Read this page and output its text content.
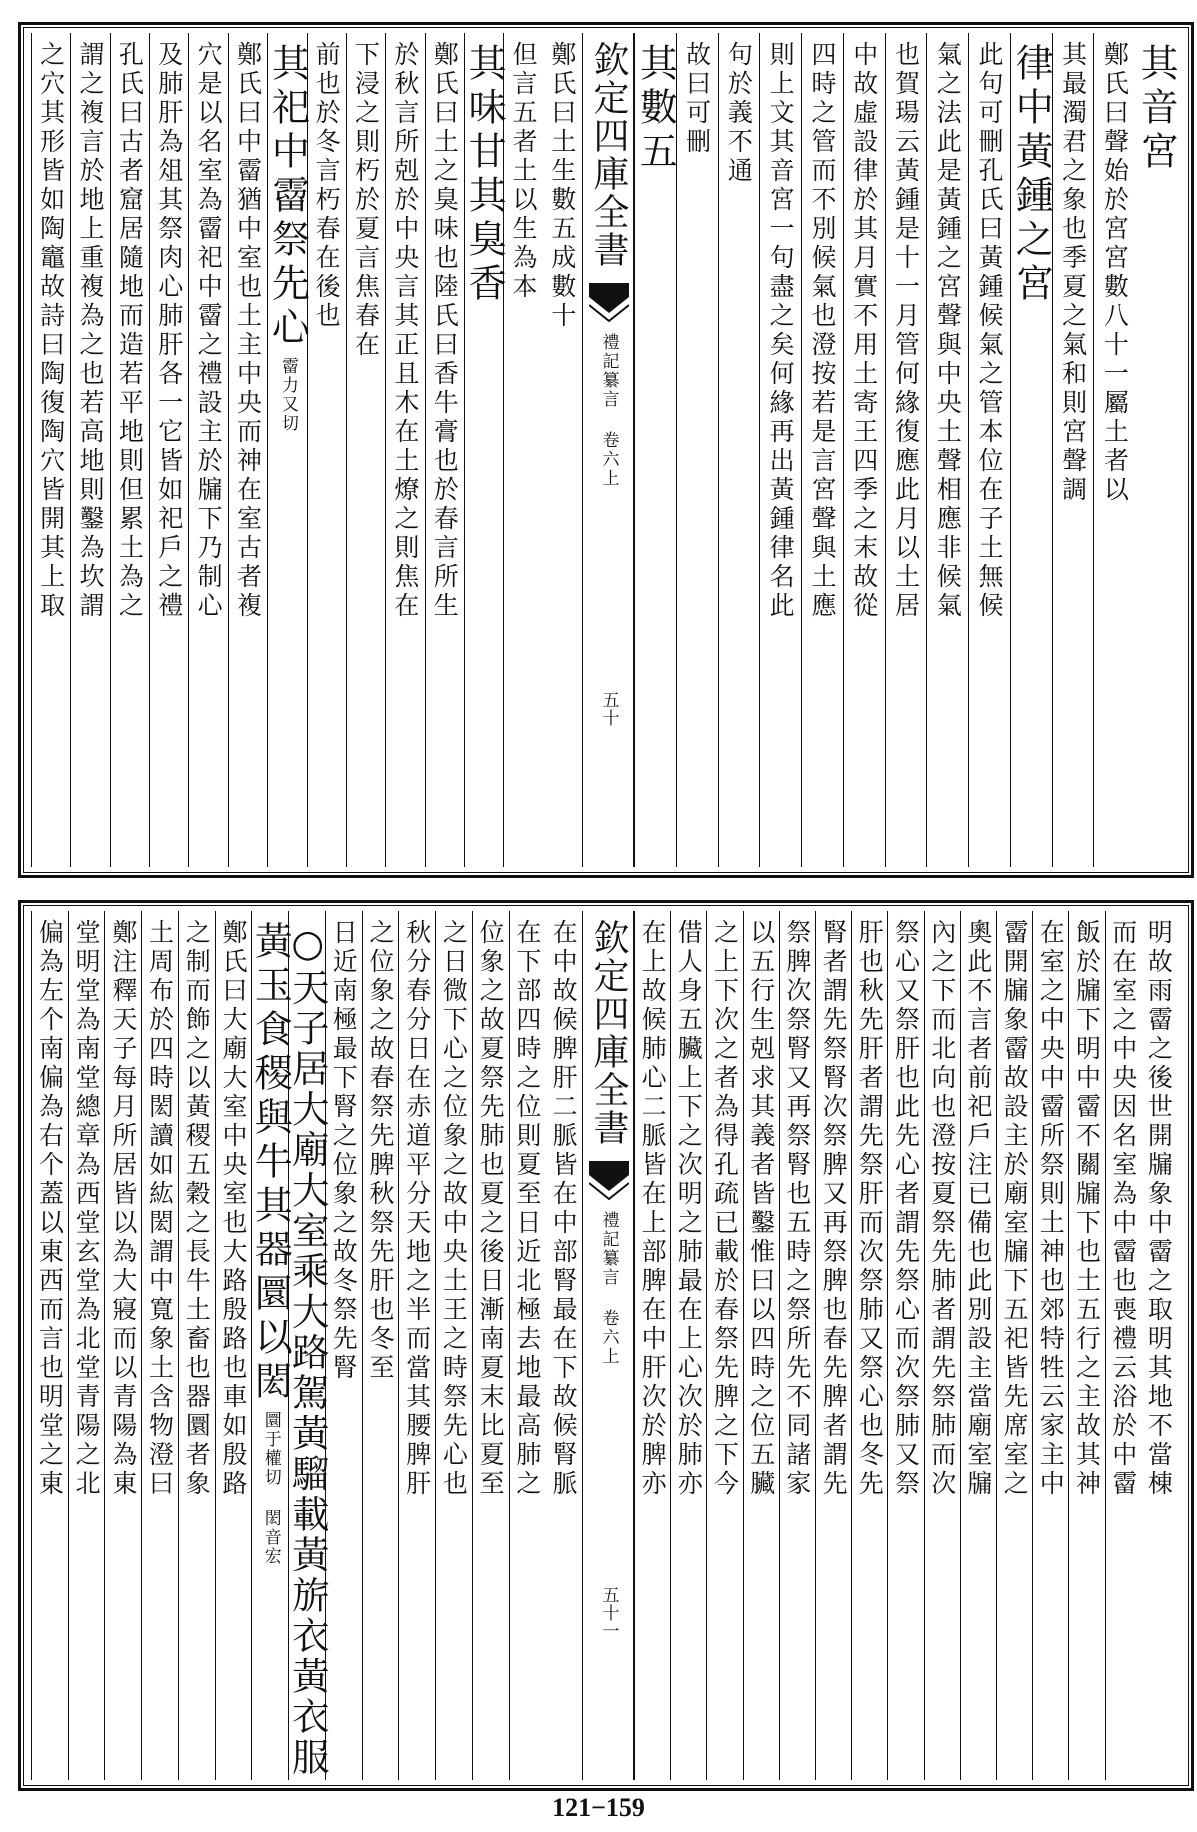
其音宮
鄭氏曰聲始於宮宮數八十一屬土者以
其最濁君之象也季夏之氣和則宮聲調
律中黃鍾之宮
此句可刪孔氏曰黃鍾候氣之管本位在子土無候
氣之法此是黃鍾之宮聲與中央土聲相應非候氣
也賀瑒云黃鍾是十一月管何緣復應此月以土居
中故虛設律於其月實不用土寄王四季之末故從
四時之管而不別候氣也澄按若是言宮聲與土應
則上文其音宮一句盡之矣何緣再出黃鍾律名此
句於義不通
故曰可刪
其數五
欽定四庫全書
禮記纂言 卷六上
五十
鄭氏曰土生數五成數十
但言五者土以生為本
其味甘其臭香
鄭氏曰土之臭味也陸氏曰香牛膏也於春言所生
於秋言所剋於中央言其正且木在土燎之則焦在
下浸之則朽於夏言焦春在
前也於冬言朽春在後也
其祀中霤祭先心
霤力又切
鄭氏曰中霤猶中室也土主中央而神在室古者複
穴是以名室為霤祀中霤之禮設主於牖下乃制心
及肺肝為俎其祭肉心肺肝各一它皆如祀戶之禮
孔氏曰古者窟居隨地而造若平地則但累土為之
謂之複言於地上重複為之也若高地則鑿為坎謂
之穴其形皆如陶竈故詩曰陶復陶穴皆開其上取
明故雨霤之後世開牖象中霤之取明其地不當棟
而在室之中央因名室為中霤也喪禮云浴於中霤
飯於牖下明中霤不關牖下也土五行之主故其神
在室之中央中霤所祭則土神也郊特牲云家主中
霤開牖象霤故設主於廟室牖下五祀皆先席室之
奧此不言者前祀戶注已備也此別設主當廟室牖
內之下而北向也澄按夏祭先肺者謂先祭肺而次
祭心又祭肝也此先心者謂先祭心而次祭肺又祭
肝也秋先肝者謂先祭肝而次祭肺又祭心也冬先
腎者謂先祭腎次祭脾又再祭脾也春先脾者謂先
祭脾次祭腎又再祭腎也五時之祭所先不同諸家
以五行生剋求其義者皆鑿惟曰以四時之位五臟
之上下次之者為得孔疏已載於春祭先脾之下今
借人身五臟上下之次明之肺最在上心次於肺亦
在上故候肺心二脈皆在上部脾在中肝次於脾亦
欽定四庫全書
禮記纂言 卷六上
五十一
在中故候脾肝二脈皆在中部腎最在下故候腎脈
在下部四時之位則夏至日近北極去地最高肺之
位象之故夏祭先肺也夏之後日漸南夏末比夏至
之日微下心之位象之故中央土王之時祭先心也
秋分春分日在赤道平分天地之半而當其腰脾肝
之位象之故春祭先脾秋祭先肝也冬至
日近南極最下腎之位象之故冬祭先腎
○天子居大廟大室乘大路駕黃騮載黃旂衣黃衣服
黃玉食稷與牛其器圜以閎
圜于權切 閎音宏
鄭氏曰大廟大室中央室也大路殷路也車如殷路
之制而飾之以黃稷五穀之長牛土畜也器圜者象
土周布於四時閎讀如紘閎謂中寬象土含物澄曰
鄭注釋天子每月所居皆以為大寢而以青陽為東
堂明堂為南堂總章為西堂玄堂為北堂青陽之北
偏為左个南偏為右个蓋以東西而言也明堂之東
121−159
